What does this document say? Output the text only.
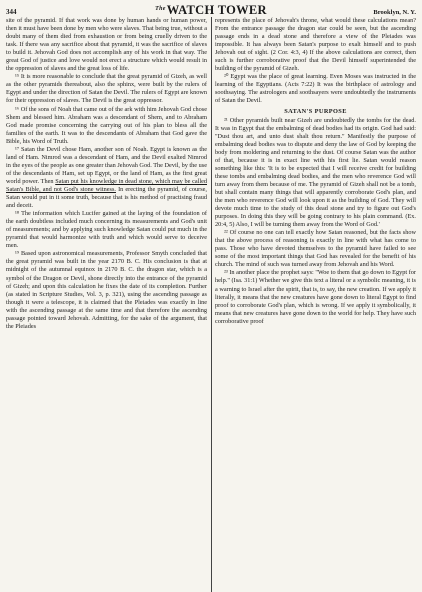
344	$^{The}$WATCH TOWER	Brooklyn, N. Y.

site of the pyramid. If that work was done by human hands or human power, then it must have been done by men who were slaves. That being true, without a doubt many of them died from exhaustion or from being cruelly driven to the task. If there was any sacrifice about that pyramid, it was the sacrifice of slaves to build it. Jehovah God does not accomplish any of his work in that way. The great God of justice and love would not erect a structure which would result in the oppression of slaves and the great loss of life.

¹⁵ It is more reasonable to conclude that the great pyramid of Gizeh, as well as the other pyramids thereabout, also the sphinx, were built by the rulers of Egypt and under the direction of Satan the Devil. The rulers of Egypt are known for their oppression of slaves. The Devil is the great oppressor.

¹⁶ Of the sons of Noah that came out of the ark with him Jehovah God chose Shem and blessed him. Abraham was a descendant of Shem, and to Abraham God made promise concerning the carrying out of his plan to bless all the families of the earth. It was to the descendants of Abraham that God gave the Bible, his Word of Truth.

¹⁷ Satan the Devil chose Ham, another son of Noah. Egypt is known as the land of Ham. Nimrod was a descendant of Ham, and the Devil exalted Nimrod in the eyes of the people as one greater than Jehovah God. The Devil, by the use of the descendants of Ham, set up Egypt, or the land of Ham, as the first great world power. Then Satan put his knowledge in dead stone, which may be called Satan's Bible, and not God's stone witness. In erecting the pyramid, of course, Satan would put in it some truth, because that is his method of practising fraud and deceit.

¹⁸ The information which Lucifer gained at the laying of the foundation of the earth doubtless included much concerning its measurements and God's unit of measurements; and by applying such knowledge Satan could put much in the pyramid that would harmonize with truth and which would serve to deceive men.

¹⁹ Based upon astronomical measurements, Professor Smyth concluded that the great pyramid was built in the year 2170 B. C. His conclusion is that at midnight of the autumnal equinox in 2170 B. C. the dragon star, which is a symbol of the Dragon or Devil, shone directly into the entrance of the pyramid of Gizeh; and upon this calculation he fixes the date of its completion. Further (as stated in Scripture Studies, Vol. 3, p. 321), using the ascending passage as though it were a telescope, it is claimed that the Pleiades was exactly in line with the ascending passage at the same time and that therefore the ascending passage pointed toward Jehovah. Admitting, for the sake of the argument, that the Pleiades

represents the place of Jehovah's throne, what would these calculations mean? From the entrance passage the dragon star could be seen, but the ascending passage ends in a dead stone and therefore a view of the Pleiades was impossible. It has always been Satan's purpose to exalt himself and to push Jehovah out of sight. (2 Cor. 4:3, 4) If the above calculations are correct, then such is further corroborative proof that the Devil himself superintended the building of the pyramid of Gizeh.

²⁰ Egypt was the place of great learning. Even Moses was instructed in the learning of the Egyptians. (Acts 7:22) It was the birthplace of astrology and soothsaying. The astrologers and soothsayers were undoubtedly the instruments of Satan the Devil.

SATAN'S PURPOSE

²¹ Other pyramids built near Gizeh are undoubtedly the tombs for the dead. It was in Egypt that the embalming of dead bodies had its origin. God had said: "Dust thou art, and unto dust shalt thou return." Manifestly the purpose of embalming dead bodies was to dispute and deny the law of God by keeping the body from moldering and returning to the dust. Of course Satan was the author of that, because it is in exact line with his first lie. Satan would reason something like this: 'It is to be expected that I will receive credit for building these tombs and embalming dead bodies, and the men who reverence God will turn away from them because of me. The pyramid of Gizeh shall not be a tomb, but shall contain many things that will apparently corroborate God's plan, and the men who reverence God will look upon it as the building of God. They will devote much time to the study of this dead stone and try to figure out God's purposes. In doing this they will be going contrary to his plain command. (Ex. 20:4, 5) Also, I will be turning them away from the Word of God.'

²² Of course no one can tell exactly how Satan reasoned, but the facts show that the above process of reasoning is exactly in line with what has come to pass. Those who have devoted themselves to the pyramid have failed to see some of the most important things that God has revealed for the benefit of his church. The mind of such was turned away from Jehovah and his Word.

²³ In another place the prophet says: "Woe to them that go down to Egypt for help." (Isa. 31:1) Whether we give this text a literal or a symbolic meaning, it is a warning to Israel after the spirit, that is, to say, the new creation. If we apply it literally, it means that the new creatures have gone down to literal Egypt to find proof to corroborate God's plan, which is wrong. If we apply it symbolically, it means that new creatures have gone down to the world for help. They have such corroborative proof
